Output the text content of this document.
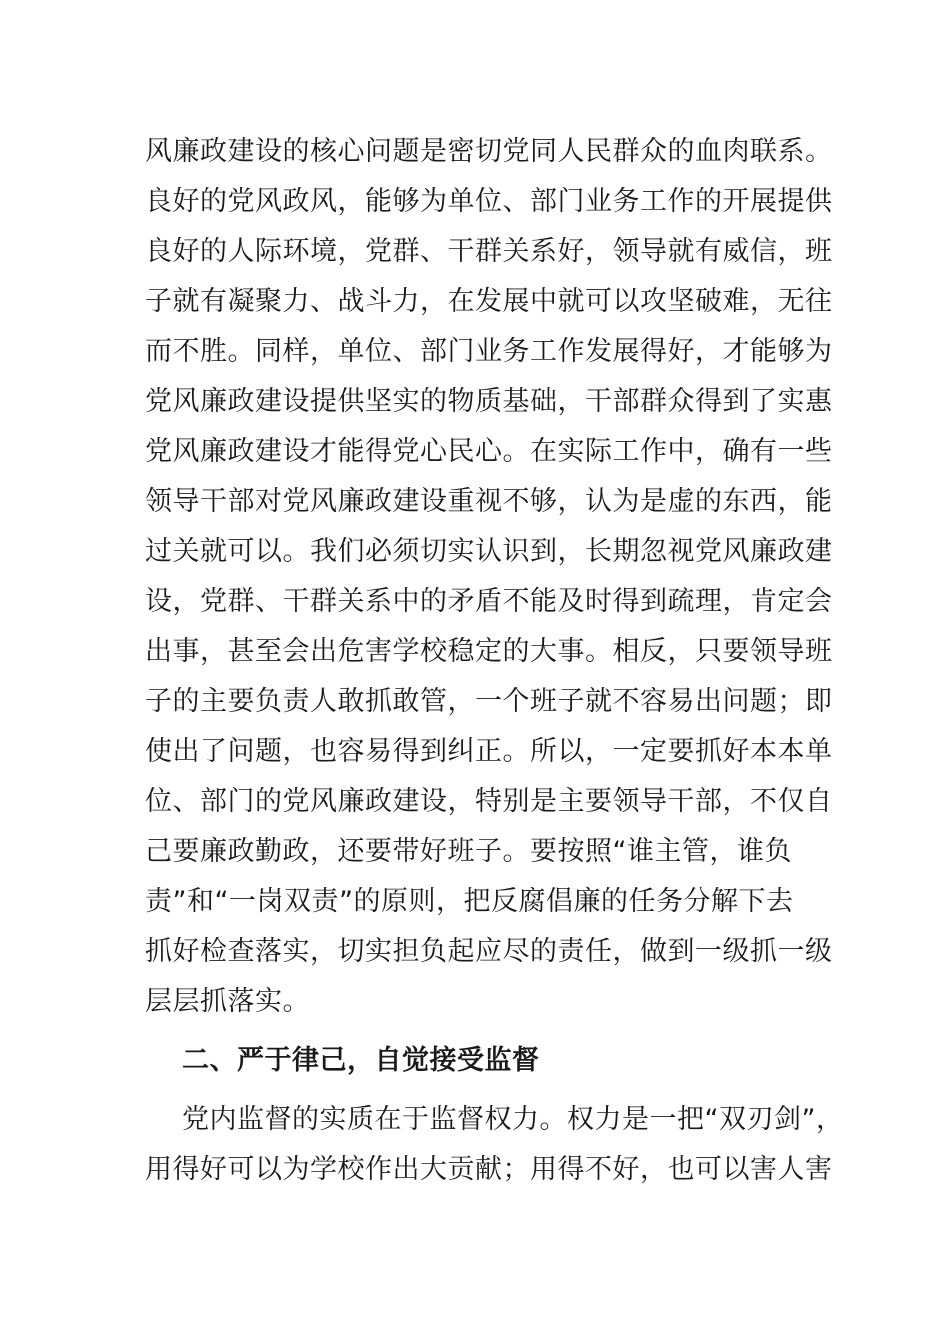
风廉政建设的核心问题是密切党同人民群众的血肉联系。
良好的党风政风，能够为单位、部门业务工作的开展提供
良好的人际环境，党群、干群关系好，领导就有威信，班
子就有凝聚力、战斗力，在发展中就可以攻坚破难，无往
而不胜。同样，单位、部门业务工作发展得好，才能够为
党风廉政建设提供坚实的物质基础，干部群众得到了实惠
党风廉政建设才能得党心民心。在实际工作中，确有一些
领导干部对党风廉政建设重视不够，认为是虚的东西，能
过关就可以。我们必须切实认识到，长期忽视党风廉政建
设，党群、干群关系中的矛盾不能及时得到疏理，肯定会
出事，甚至会出危害学校稳定的大事。相反，只要领导班
子的主要负责人敢抓敢管，一个班子就不容易出问题；即
使出了问题，也容易得到纠正。所以，一定要抓好本本单
位、部门的党风廉政建设，特别是主要领导干部，不仅自
己要廉政勤政，还要带好班子。要按照“谁主管，谁负
责”和“一岗双责”的原则，把反腐倡廉的任务分解下去
抓好检查落实，切实担负起应尽的责任，做到一级抓一级
层层抓落实。
二、严于律己，自觉接受监督
党内监督的实质在于监督权力。权力是一把“双刃剑”，
用得好可以为学校作出大贡献；用得不好，也可以害人害
